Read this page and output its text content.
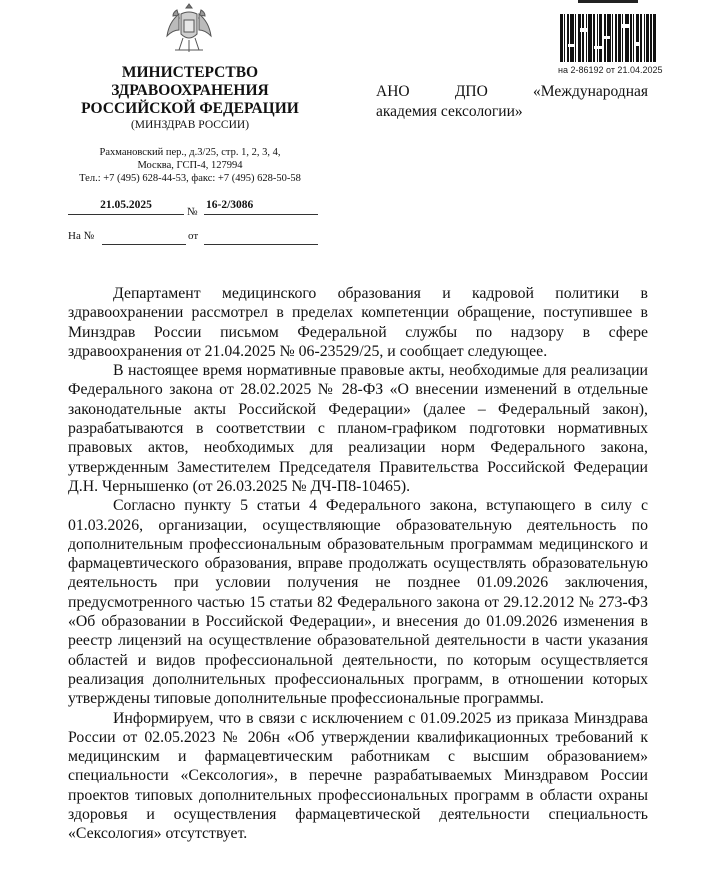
на 2-86192 от 21.04.2025
МИНИСТЕРСТВО
ЗДРАВООХРАНЕНИЯ
РОССИЙСКОЙ ФЕДЕРАЦИИ
(МИНЗДРАВ РОССИИ)
Рахмановский пер., д.3/25, стр. 1, 2, 3, 4,
Москва, ГСП-4, 127994
Тел.: +7 (495) 628-44-53, факс: +7 (495) 628-50-58
21.05.2025
№
16-2/3086
На №	от
АНО ДПО «Международная
академия сексологии»

Департамент медицинского образования и кадровой политики в здравоохранении рассмотрел в пределах компетенции обращение, поступившее в Минздрав России письмом Федеральной службы по надзору в сфере здравоохранения от 21.04.2025 № 06-23529/25, и сообщает следующее.

В настоящее время нормативные правовые акты, необходимые для реализации Федерального закона от 28.02.2025 № 28-ФЗ «О внесении изменений в отдельные законодательные акты Российской Федерации» (далее – Федеральный закон), разрабатываются в соответствии с планом-графиком подготовки нормативных правовых актов, необходимых для реализации норм Федерального закона, утвержденным Заместителем Председателя Правительства Российской Федерации Д.Н. Чернышенко (от 26.03.2025 № ДЧ-П8-10465).

Согласно пункту 5 статьи 4 Федерального закона, вступающего в силу с 01.03.2026, организации, осуществляющие образовательную деятельность по дополнительным профессиональным образовательным программам медицинского и фармацевтического образования, вправе продолжать осуществлять образовательную деятельность при условии получения не позднее 01.09.2026 заключения, предусмотренного частью 15 статьи 82 Федерального закона от 29.12.2012 № 273-ФЗ «Об образовании в Российской Федерации», и внесения до 01.09.2026 изменения в реестр лицензий на осуществление образовательной деятельности в части указания областей и видов профессиональной деятельности, по которым осуществляется реализация дополнительных профессиональных программ, в отношении которых утверждены типовые дополнительные профессиональные программы.

Информируем, что в связи с исключением с 01.09.2025 из приказа Минздрава России от 02.05.2023 № 206н «Об утверждении квалификационных требований к медицинским и фармацевтическим работникам с высшим образованием» специальности «Сексология», в перечне разрабатываемых Минздравом России проектов типовых дополнительных профессиональных программ в области охраны здоровья и осуществления фармацевтической деятельности специальность «Сексология» отсутствует.
